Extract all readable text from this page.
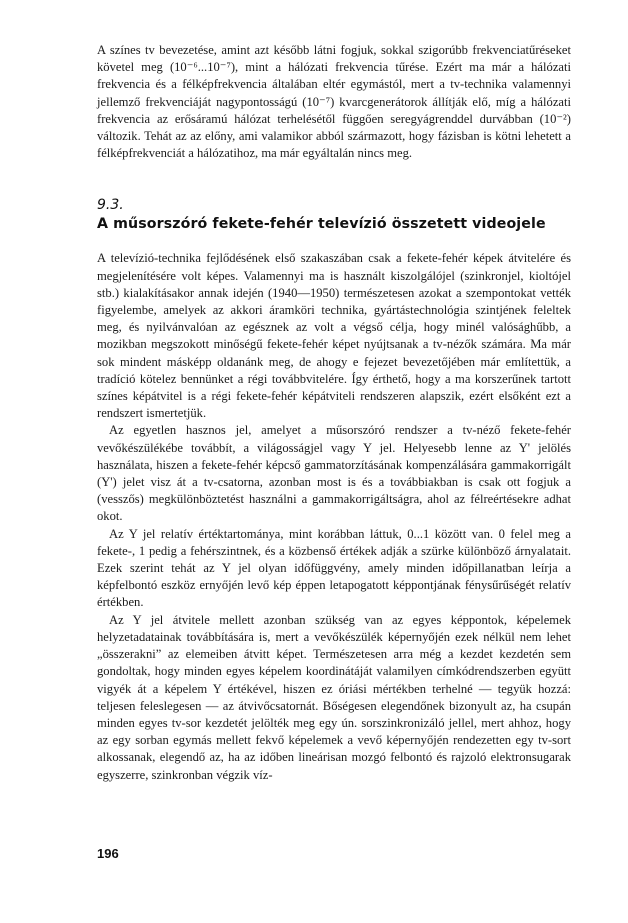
A színes tv bevezetése, amint azt később látni fogjuk, sokkal szigorúbb frekvenciatűréseket követel meg (10⁻⁶...10⁻⁷), mint a hálózati frekvencia tűrése. Ezért ma már a hálózati frekvencia és a félképfrekvencia általában eltér egymástól, mert a tv-technika valamennyi jellemző frekvenciáját nagypontosságú (10⁻⁷) kvarcgenerátorok állítják elő, míg a hálózati frekvencia az erősáramú hálózat terhelésétől függően seregyágrenddel durvábban (10⁻²) változik. Tehát az az előny, ami valamikor abból származott, hogy fázisban is kötni lehetett a félképfrekvenciát a hálózatihoz, ma már egyáltalán nincs meg.

9.3.
A műsorszóró fekete-fehér televízió összetett videojele

A televízió-technika fejlődésének első szakaszában csak a fekete-fehér képek átvitelére és megjelenítésére volt képes. Valamennyi ma is használt kiszolgálójel (szinkronjel, kioltójel stb.) kialakításakor annak idején (1940—1950) természetesen azokat a szempontokat vették figyelembe, amelyek az akkori áramköri technika, gyártástechnológia szintjének feleltek meg, és nyilvánvalóan az egésznek az volt a végső célja, hogy minél valósághűbb, a mozikban megszokott minőségű fekete-fehér képet nyújtsanak a tv-nézők számára. Ma már sok mindent másképp oldanánk meg, de ahogy e fejezet bevezetőjében már említettük, a tradíció kötelez bennünket a régi továbbvitelére. Így érthető, hogy a ma korszerűnek tartott színes képátvitel is a régi fekete-fehér képátviteli rendszeren alapszik, ezért elsőként ezt a rendszert ismertetjük.

Az egyetlen hasznos jel, amelyet a műsorszóró rendszer a tv-néző fekete-fehér vevőkészülékébe továbbít, a világosságjel vagy Y jel. Helyesebb lenne az Y' jelölés használata, hiszen a fekete-fehér képcső gammatorzításának kompenzálására gammakorrigált (Y') jelet visz át a tv-csatorna, azonban most is és a továbbiakban is csak ott fogjuk a (vesszős) megkülönböztetést használni a gammakorrigáltságra, ahol az félreértésekre adhat okot.

Az Y jel relatív értéktartománya, mint korábban láttuk, 0...1 között van. 0 felel meg a fekete-, 1 pedig a fehérszintnek, és a közbenső értékek adják a szürke különböző árnyalatait. Ezek szerint tehát az Y jel olyan időfüggvény, amely minden időpillanatban leírja a képfelbontó eszköz ernyőjén levő kép éppen letapogatott képpontjának fénysűrűségét relatív értékben.

Az Y jel átvitele mellett azonban szükség van az egyes képpontok, képelemek helyzetadatainak továbbítására is, mert a vevőkészülék képernyőjén ezek nélkül nem lehet „összerakni” az elemeiben átvitt képet. Természetesen arra még a kezdet kezdetén sem gondoltak, hogy minden egyes képelem koordinátáját valamilyen címkódrendszerben együtt vigyék át a képelem Y értékével, hiszen ez óriási mértékben terhelné — tegyük hozzá: teljesen feleslegesen — az átvivőcsatornát. Bőségesen elegendőnek bizonyult az, ha csupán minden egyes tv-sor kezdetét jelölték meg egy ún. sorszinkronizáló jellel, mert ahhoz, hogy az egy sorban egymás mellett fekvő képelemek a vevő képernyőjén rendezetten egy tv-sort alkossanak, elegendő az, ha az időben lineárisan mozgó felbontó és rajzoló elektronsugarak egyszerre, szinkronban végzik víz-

196
